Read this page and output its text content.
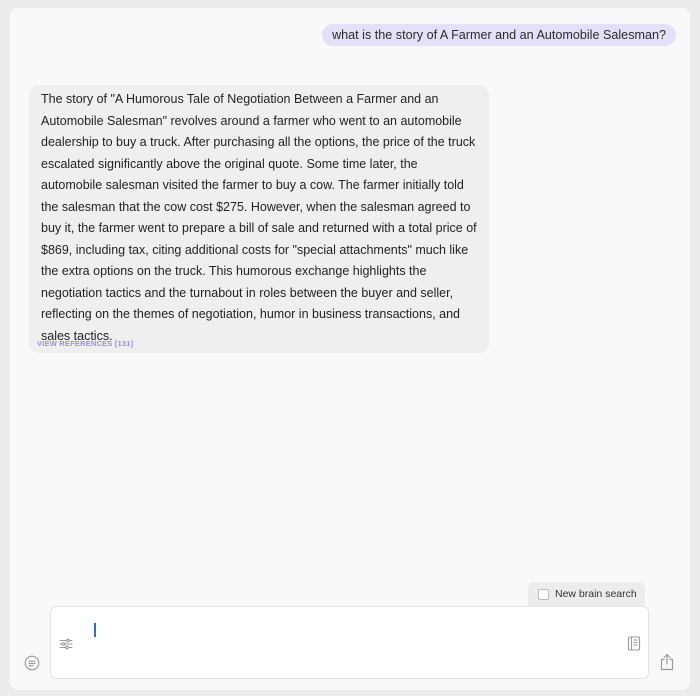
what is the story of A Farmer and an Automobile Salesman?
The story of "A Humorous Tale of Negotiation Between a Farmer and an Automobile Salesman" revolves around a farmer who went to an automobile dealership to buy a truck. After purchasing all the options, the price of the truck escalated significantly above the original quote. Some time later, the automobile salesman visited the farmer to buy a cow. The farmer initially told the salesman that the cow cost $275. However, when the salesman agreed to buy it, the farmer went to prepare a bill of sale and returned with a total price of $869, including tax, citing additional costs for "special attachments" much like the extra options on the truck. This humorous exchange highlights the negotiation tactics and the turnabout in roles between the buyer and seller, reflecting on the themes of negotiation, humor in business transactions, and sales tactics.
VIEW REFERENCES [131]
New brain search
